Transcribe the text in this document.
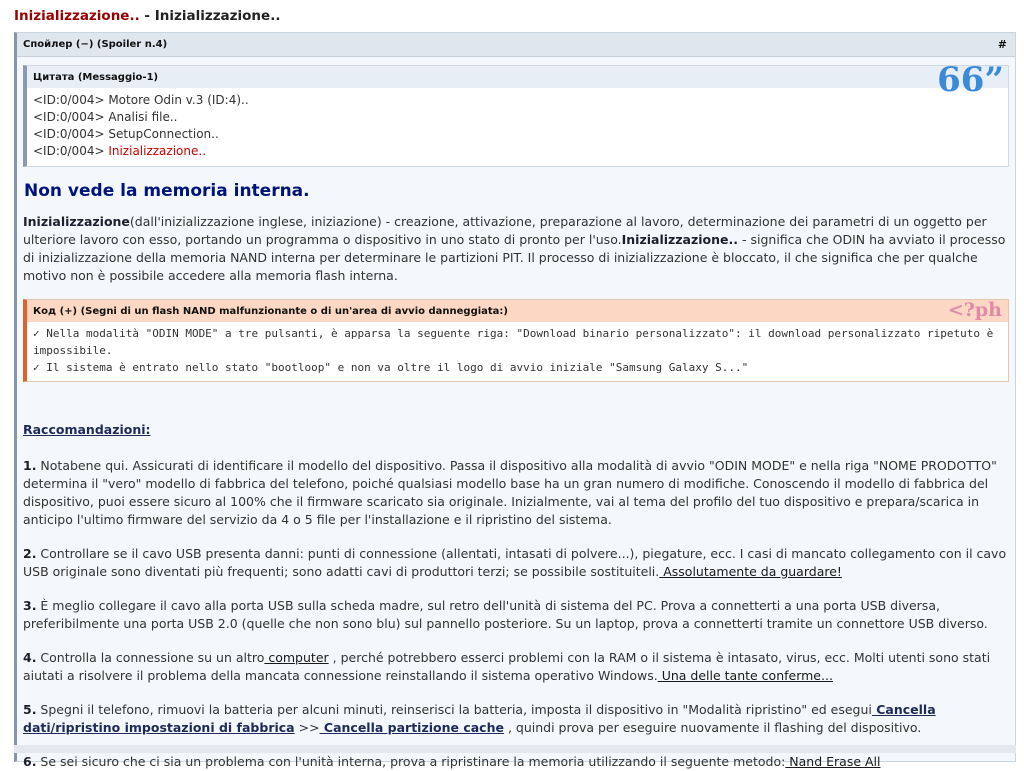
Inizializzazione.. - Inizializzazione..
Спойлер (−) (Spoiler n.4)	#
Цитата (Messaggio-1)	66”
<ID:0/004> Motore Odin v.3 (ID:4)..
<ID:0/004> Analisi file..
<ID:0/004> SetupConnection..
<ID:0/004> Inizializzazione..
Non vede la memoria interna.

Inizializzazione(dall'inizializzazione inglese, iniziazione) - creazione, attivazione, preparazione al lavoro, determinazione dei parametri di un oggetto per ulteriore lavoro con esso, portando un programma o dispositivo in uno stato di pronto per l'uso.Inizializzazione.. - significa che ODIN ha avviato il processo di inizializzazione della memoria NAND interna per determinare le partizioni PIT. Il processo di inizializzazione è bloccato, il che significa che per qualche motivo non è possibile accedere alla memoria flash interna.

Код (+) (Segni di un flash NAND malfunzionante o di un'area di avvio danneggiata:)	<?ph
✓ Nella modalità "ODIN MODE" a tre pulsanti, è apparsa la seguente riga: "Download binario personalizzato": il download personalizzato ripetuto è impossibile.
✓ Il sistema è entrato nello stato "bootloop" e non va oltre il logo di avvio iniziale "Samsung Galaxy S..."
Raccomandazioni:

1. Notabene qui. Assicurati di identificare il modello del dispositivo. Passa il dispositivo alla modalità di avvio "ODIN MODE" e nella riga "NOME PRODOTTO" determina il "vero" modello di fabbrica del telefono, poiché qualsiasi modello base ha un gran numero di modifiche. Conoscendo il modello di fabbrica del dispositivo, puoi essere sicuro al 100% che il firmware scaricato sia originale. Inizialmente, vai al tema del profilo del tuo dispositivo e prepara/scarica in anticipo l'ultimo firmware del servizio da 4 o 5 file per l'installazione e il ripristino del sistema.

2. Controllare se il cavo USB presenta danni: punti di connessione (allentati, intasati di polvere...), piegature, ecc. I casi di mancato collegamento con il cavo USB originale sono diventati più frequenti; sono adatti cavi di produttori terzi; se possibile sostituiteli. Assolutamente da guardare!

3. È meglio collegare il cavo alla porta USB sulla scheda madre, sul retro dell'unità di sistema del PC. Prova a connetterti a una porta USB diversa, preferibilmente una porta USB 2.0 (quelle che non sono blu) sul pannello posteriore. Su un laptop, prova a connetterti tramite un connettore USB diverso.

4. Controlla la connessione su un altro computer , perché potrebbero esserci problemi con la RAM o il sistema è intasato, virus, ecc. Molti utenti sono stati aiutati a risolvere il problema della mancata connessione reinstallando il sistema operativo Windows. Una delle tante conferme...

5. Spegni il telefono, rimuovi la batteria per alcuni minuti, reinserisci la batteria, imposta il dispositivo in "Modalità ripristino" ed esegui Cancella dati/ripristino impostazioni di fabbrica >> Cancella partizione cache , quindi prova per eseguire nuovamente il flashing del dispositivo.

6. Se sei sicuro che ci sia un problema con l'unità interna, prova a ripristinare la memoria utilizzando il seguente metodo: Nand Erase All
